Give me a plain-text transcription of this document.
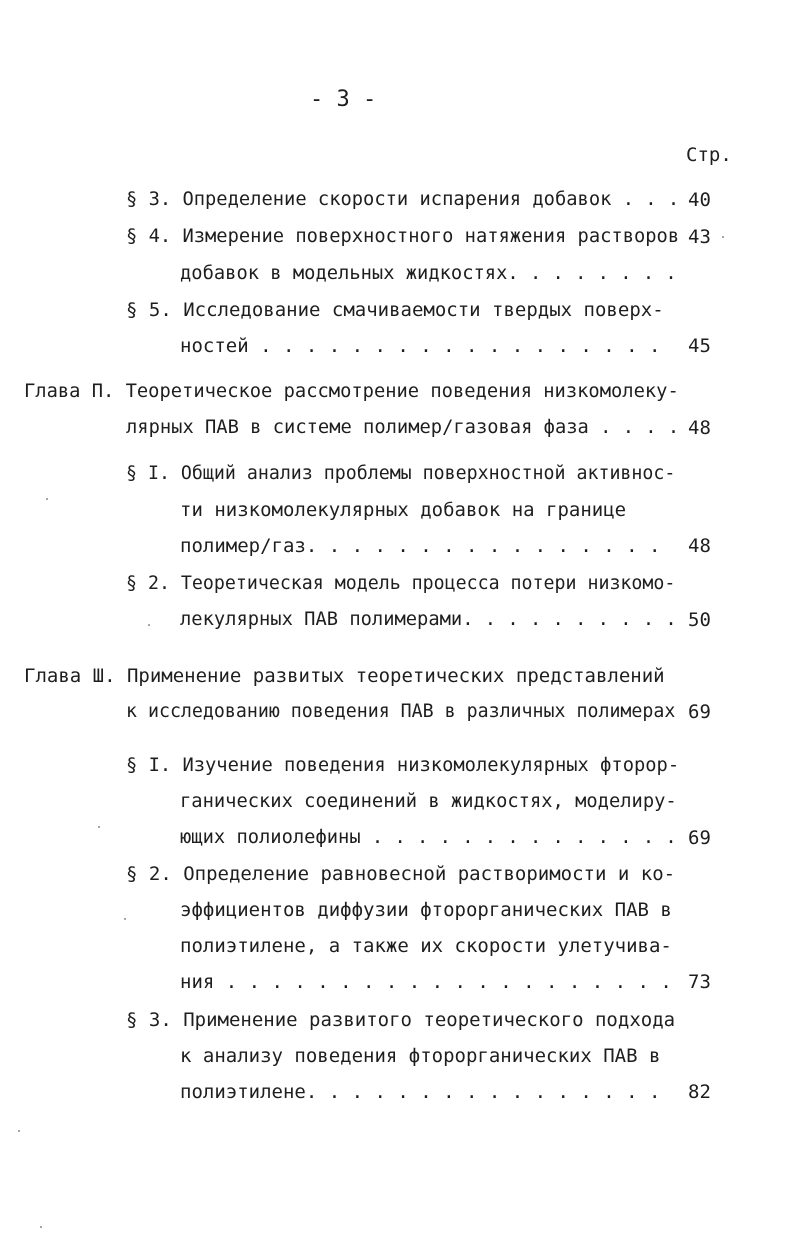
- 3 -
Стр.
§ 3. Определение скорости испарения добавок . . . 40
§ 4. Измерение поверхностного натяжения растворов 43
добавок в модельных жидкостях. . . . . . . .
§ 5. Исследование смачиваемости твердых поверх-
ностей . . . . . . . . . . . . . . . . . . 45
Глава П. Теоретическое рассмотрение поведения низкомолеку-
лярных ПАВ в системе полимер/газовая фаза . . . . 48
§ I. Общий анализ проблемы поверхностной активнос-
ти низкомолекулярных добавок на границе
полимер/газ. . . . . . . . . . . . . . . . 48
§ 2. Теоретическая модель процесса потери низкомо-
лекулярных ПАВ полимерами. . . . . . . . . . 50
Глава Ш. Применение развитых теоретических представлений
к исследованию поведения ПАВ в различных полимерах 69
§ I. Изучение поведения низкомолекулярных фторор-
ганических соединений в жидкостях, моделиру-
ющих полиолефины . . . . . . . . . . . . . . 69
§ 2. Определение равновесной растворимости и ко-
эффициентов диффузии фторорганических ПАВ в
полиэтилене, а также их скорости улетучива-
ния . . . . . . . . . . . . . . . . . . . . 73
§ 3. Применение развитого теоретического подхода
к анализу поведения фторорганических ПАВ в
полиэтилене. . . . . . . . . . . . . . . . 82
